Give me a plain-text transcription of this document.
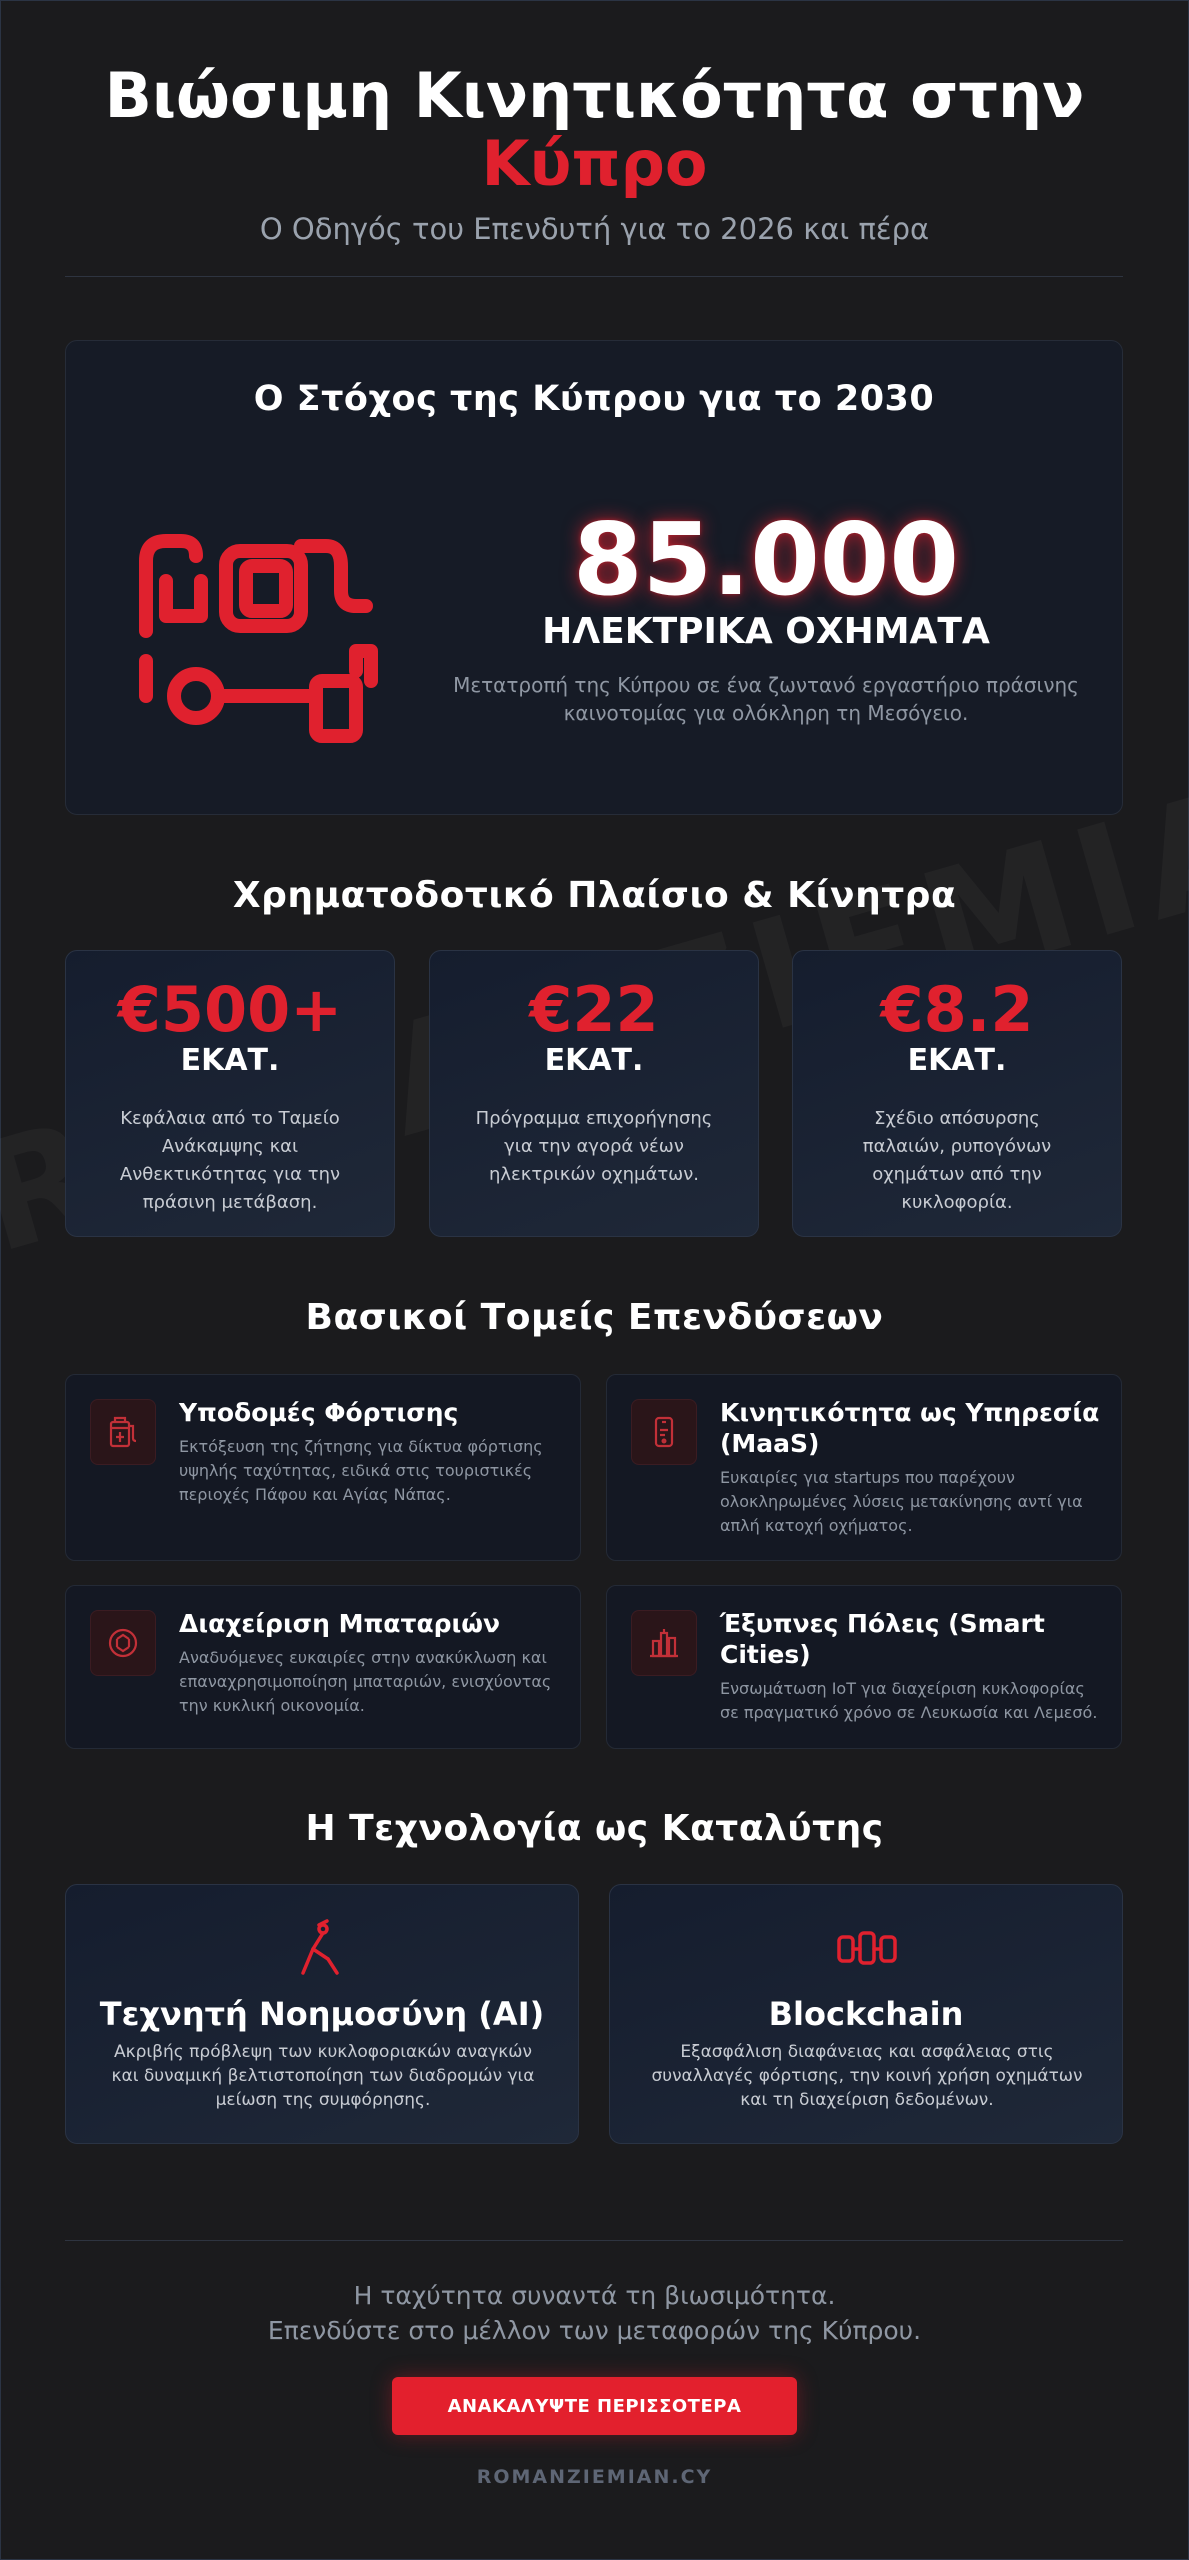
Βιώσιμη Κινητικότητα στην
Κύπρο
Ο Οδηγός του Επενδυτή για το 2026 και πέρα
Ο Στόχος της Κύπρου για το 2030
85.000
ΗΛΕΚΤΡΙΚΑ ΟΧΗΜΑΤΑ
Μετατροπή της Κύπρου σε ένα ζωντανό εργαστήριο πράσινης καινοτομίας για ολόκληρη τη Μεσόγειο.
Χρηματοδοτικό Πλαίσιο & Κίνητρα
€500+
ΕΚΑΤ.
Κεφάλαια από το Ταμείο Ανάκαμψης και Ανθεκτικότητας για την πράσινη μετάβαση.
€22
ΕΚΑΤ.
Πρόγραμμα επιχορήγησης για την αγορά νέων ηλεκτρικών οχημάτων.
€8.2
ΕΚΑΤ.
Σχέδιο απόσυρσης παλαιών, ρυπογόνων οχημάτων από την κυκλοφορία.
Βασικοί Τομείς Επενδύσεων
Υποδομές Φόρτισης
Εκτόξευση της ζήτησης για δίκτυα φόρτισης υψηλής ταχύτητας, ειδικά στις τουριστικές περιοχές Πάφου και Αγίας Νάπας.
Κινητικότητα ως Υπηρεσία (MaaS)
Ευκαιρίες για startups που παρέχουν ολοκληρωμένες λύσεις μετακίνησης αντί για απλή κατοχή οχήματος.
Διαχείριση Μπαταριών
Αναδυόμενες ευκαιρίες στην ανακύκλωση και επαναχρησιμοποίηση μπαταριών, ενισχύοντας την κυκλική οικονομία.
Έξυπνες Πόλεις (Smart Cities)
Ενσωμάτωση IoT για διαχείριση κυκλοφορίας σε πραγματικό χρόνο σε Λευκωσία και Λεμεσό.
Η Τεχνολογία ως Καταλύτης
Τεχνητή Νοημοσύνη (AI)
Ακριβής πρόβλεψη των κυκλοφοριακών αναγκών και δυναμική βελτιστοποίηση των διαδρομών για μείωση της συμφόρησης.
Blockchain
Εξασφάλιση διαφάνειας και ασφάλειας στις συναλλαγές φόρτισης, την κοινή χρήση οχημάτων και τη διαχείριση δεδομένων.
Η ταχύτητα συναντά τη βιωσιμότητα.
Επενδύστε στο μέλλον των μεταφορών της Κύπρου.
ΑΝΑΚΑΛΥΨΤΕ ΠΕΡΙΣΣΟΤΕΡΑ
ROMANZIEMIAN.CY
